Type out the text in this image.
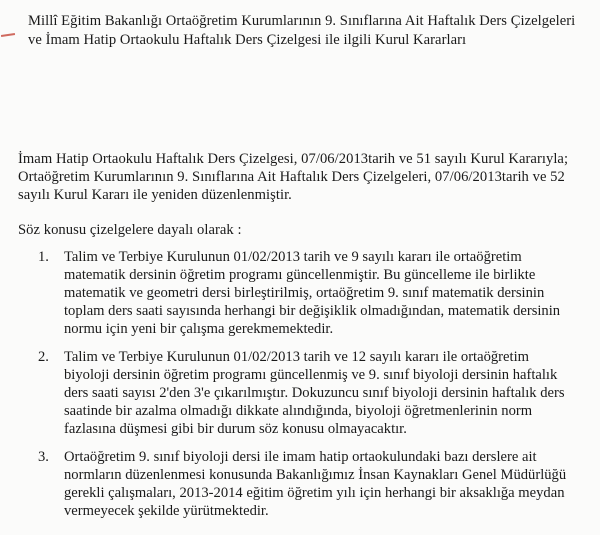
Millî Eğitim Bakanlığı Ortaöğretim Kurumlarının 9. Sınıflarına Ait Haftalık Ders Çizelgeleri
ve İmam Hatip Ortaokulu Haftalık Ders Çizelgesi ile ilgili Kurul Kararları
İmam Hatip Ortaokulu Haftalık Ders Çizelgesi, 07/06/2013tarih ve 51 sayılı Kurul Kararıyla;
Ortaöğretim Kurumlarının 9. Sınıflarına Ait Haftalık Ders Çizelgeleri, 07/06/2013tarih ve 52
sayılı Kurul Kararı ile yeniden düzenlenmiştir.
Söz konusu çizelgelere dayalı olarak :
1. Talim ve Terbiye Kurulunun 01/02/2013 tarih ve 9 sayılı kararı ile ortaöğretim
matematik dersinin öğretim programı güncellenmiştir. Bu güncelleme ile birlikte
matematik ve geometri dersi birleştirilmiş, ortaöğretim 9. sınıf matematik dersinin
toplam ders saati sayısında herhangi bir değişiklik olmadığından, matematik dersinin
normu için yeni bir çalışma gerekmemektedir.
2. Talim ve Terbiye Kurulunun 01/02/2013 tarih ve 12 sayılı kararı ile ortaöğretim
biyoloji dersinin öğretim programı güncellenmiş ve 9. sınıf biyoloji dersinin haftalık
ders saati sayısı 2'den 3'e çıkarılmıştır. Dokuzuncu sınıf biyoloji dersinin haftalık ders
saatinde bir azalma olmadığı dikkate alındığında, biyoloji öğretmenlerinin norm
fazlasına düşmesi gibi bir durum söz konusu olmayacaktır.
3. Ortaöğretim 9. sınıf biyoloji dersi ile imam hatip ortaokulundaki bazı derslere ait
normların düzenlenmesi konusunda Bakanlığımız İnsan Kaynakları Genel Müdürlüğü
gerekli çalışmaları, 2013-2014 eğitim öğretim yılı için herhangi bir aksaklığa meydan
vermeyecek şekilde yürütmektedir.
